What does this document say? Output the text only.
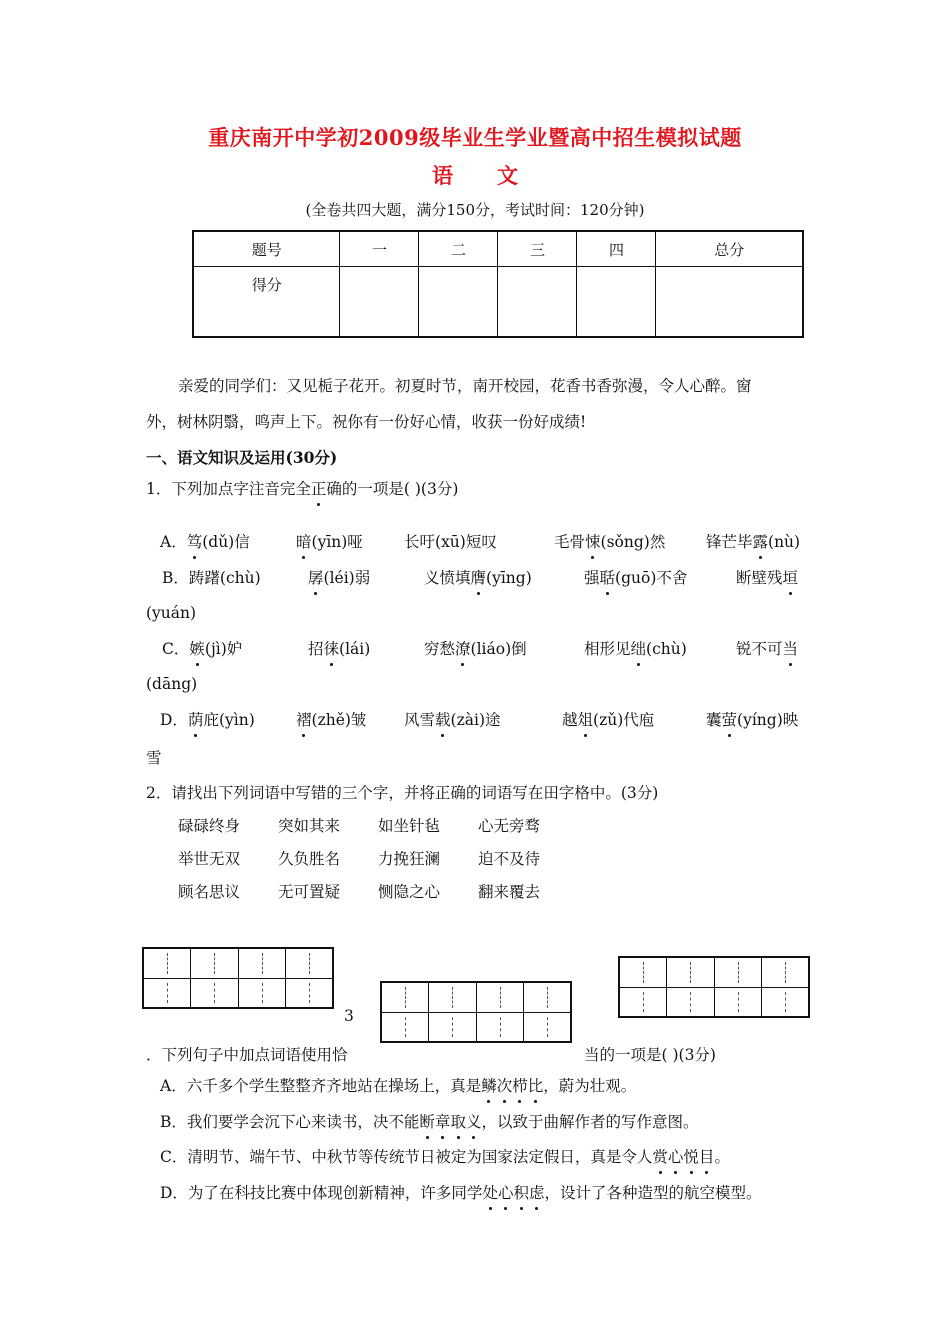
重庆南开中学初2009级毕业生学业暨高中招生模拟试题
语 文
(全卷共四大题，满分150分，考试时间：120分钟)
题号	一	二	三	四	总分
得分					
亲爱的同学们：又见栀子花开。初夏时节，南开校园，花香书香弥漫，令人心醉。窗
外，树林阴翳，鸣声上下。祝你有一份好心情，收获一份好成绩!
一、语文知识及运用(30分)
1．下列加点字注音完全正确的一项是( )(3分)
A．笃(dǔ)信	暗(yīn)哑	长吁(xū)短叹	毛骨悚(sǒng)然	锋芒毕露(nù)
B．踌躇(chù)	孱(léi)弱	义愤填膺(yīng)	强聒(guō)不舍	断壁残垣
(yuán)
C．嫉(jì)妒	招徕(lái)	穷愁潦(liáo)倒	相形见绌(chù)	锐不可当
(dāng)
D．荫庇(yìn)	褶(zhě)皱 风雪载(zài)途	越俎(zǔ)代庖	囊萤(yíng)映
雪
2．请找出下列词语中写错的三个字，并将正确的词语写在田字格中。(3分)
碌碌终身 突如其来 如坐针毡 心无旁骛
举世无双 久负胜名 力挽狂澜 迫不及待
顾名思议 无可置疑 恻隐之心 翻来覆去
3
．下列句子中加点词语使用恰	当的一项是( )(3分)
A．六千多个学生整整齐齐地站在操场上，真是鳞次栉比，蔚为壮观。
B．我们要学会沉下心来读书，决不能断章取义，以致于曲解作者的写作意图。
C．清明节、端午节、中秋节等传统节日被定为国家法定假日，真是令人赏心悦目。
D．为了在科技比赛中体现创新精神，许多同学处心积虑，设计了各种造型的航空模型。
